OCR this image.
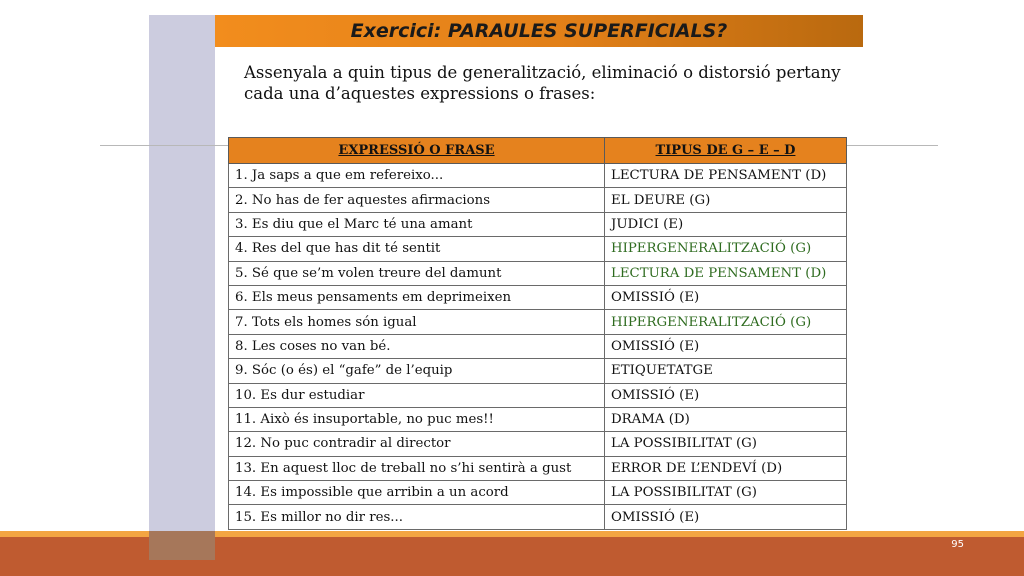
Exercici: PARAULES SUPERFICIALS?
Assenyala a quin tipus de generalització, eliminació o distorsió pertany cada una d’aquestes expressions o frases:
EXPRESSIÓ O FRASE	TIPUS DE G – E – D
1. Ja saps a que em refereixo...	LECTURA DE PENSAMENT (D)
2. No has de fer aquestes afirmacions	EL DEURE (G)
3. Es diu que el Marc té una amant	JUDICI (E)
4. Res del que has dit té sentit	HIPERGENERALITZACIÓ (G)
5. Sé que se’m volen treure del damunt	LECTURA DE PENSAMENT (D)
6. Els meus pensaments em deprimeixen	OMISSIÓ (E)
7. Tots els homes són igual	HIPERGENERALITZACIÓ (G)
8. Les coses no van bé.	OMISSIÓ (E)
9. Sóc (o és) el “gafe” de l’equip	ETIQUETATGE
10. Es dur estudiar	OMISSIÓ (E)
11. Això és insuportable, no puc mes!!	DRAMA (D)
12. No puc contradir al director	LA POSSIBILITAT (G)
13. En aquest lloc de treball no s’hi sentirà a gust	ERROR DE L’ENDEVÍ (D)
14. Es impossible que arribin a un acord	LA POSSIBILITAT (G)
15. Es millor no dir res...	OMISSIÓ (E)
95
